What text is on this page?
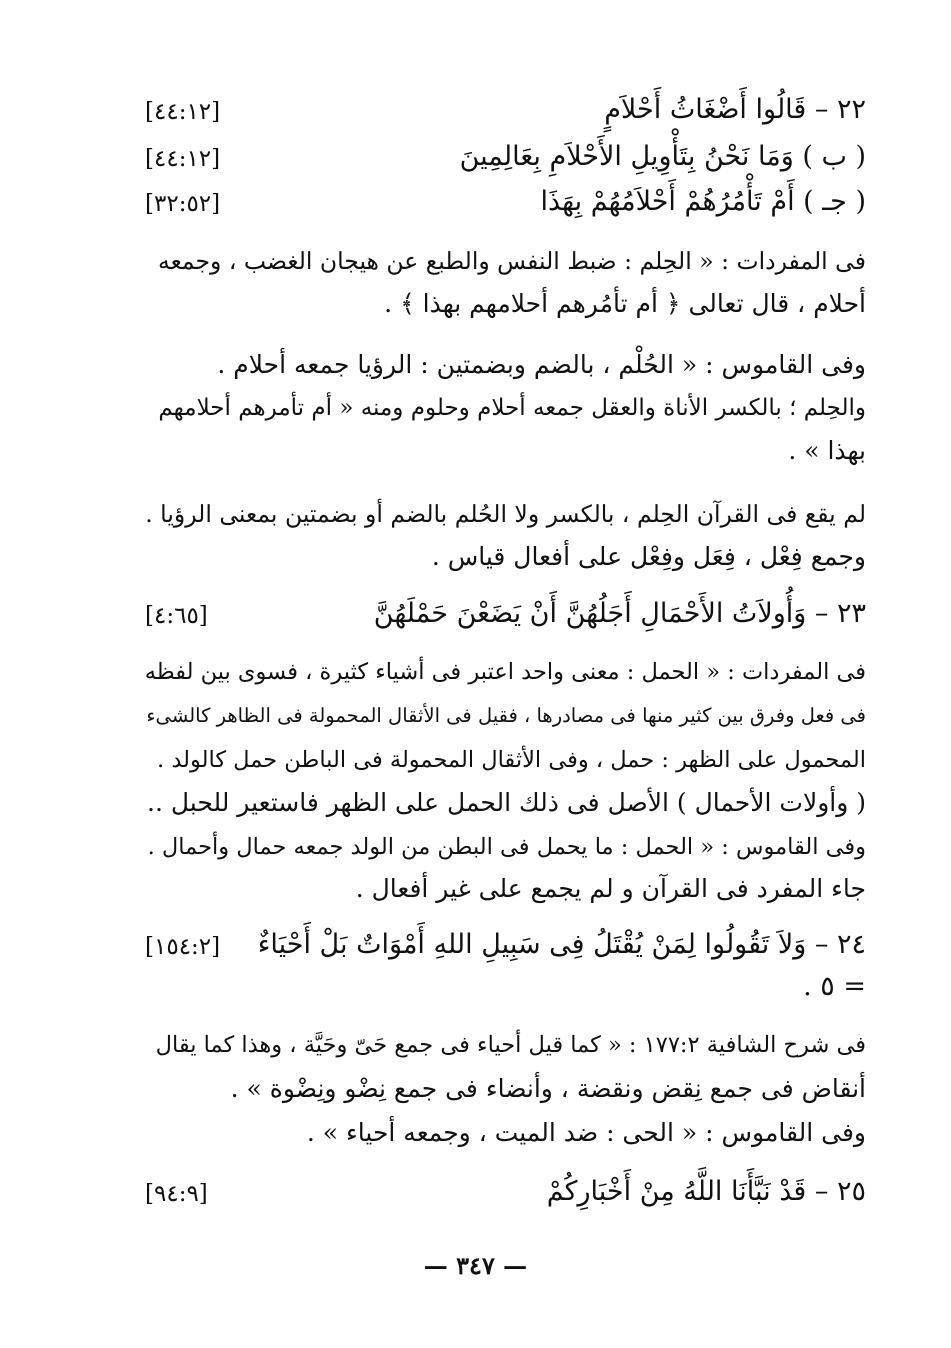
٢٢ – قَالُوا أَضْغَاثُ أَحْلاَمٍ
[٤٤:١٢]
( ب ) وَمَا نَحْنُ بِتَأْوِيلِ الأَحْلاَمِ بِعَالِمِينَ
[٤٤:١٢]
( جـ ) أَمْ تَأْمُرُهُمْ أَحْلاَمُهُمْ بِهَذَا
[٣٢:٥٢]
فى المفردات : « الحِلم : ضبط النفس والطبع عن هيجان الغضب ، وجمعه
أحلام ، قال تعالى ﴿ أم تأمُرهم أحلامهم بهذا ﴾ .
وفى القاموس : « الحُلْم ، بالضم وبضمتين : الرؤيا جمعه أحلام .
والحِلم ؛ بالكسر الأناة والعقل جمعه أحلام وحلوم ومنه « أم تأمرهم أحلامهم
بهذا » .
لم يقع فى القرآن الحِلم ، بالكسر ولا الحُلم بالضم أو بضمتين بمعنى الرؤيا .
وجمع فِعْل ، فِعَل وفِعْل على أفعال قياس .
٢٣ – وَأُولاَتُ الأَحْمَالِ أَجَلُهُنَّ أَنْ يَضَعْنَ حَمْلَهُنَّ
[٤:٦٥]
فى المفردات : « الحمل : معنى واحد اعتبر فى أشياء كثيرة ، فسوى بين لفظه
فى فعل وفرق بين كثير منها فى مصادرها ، فقيل فى الأثقال المحمولة فى الظاهر كالشىء
المحمول على الظهر : حمل ، وفى الأثقال المحمولة فى الباطن حمل كالولد .
( وأولات الأحمال ) الأصل فى ذلك الحمل على الظهر فاستعير للحبل ..
وفى القاموس : « الحمل : ما يحمل فى البطن من الولد جمعه حمال وأحمال .
جاء المفرد فى القرآن و لم يجمع على غير أفعال .
٢٤ – وَلاَ تَقُولُوا لِمَنْ يُقْتَلُ فِى سَبِيلِ اللهِ أَمْوَاتٌ بَلْ أَحْيَاءٌ
[١٥٤:٢]
= ٥ .
فى شرح الشافية ١٧٧:٢ : « كما قيل أحياء فى جمع حَىّ وحَيَّة ، وهذا كما يقال
أنقاض فى جمع نِقض ونقضة ، وأنضاء فى جمع نِضْو ونِضْوة » .
وفى القاموس : « الحى : ضد الميت ، وجمعه أحياء » .
٢٥ – قَدْ نَبَّأَنَا اللَّهُ مِنْ أَخْبَارِكُمْ
[٩٤:٩]
— ٣٤٧ —
